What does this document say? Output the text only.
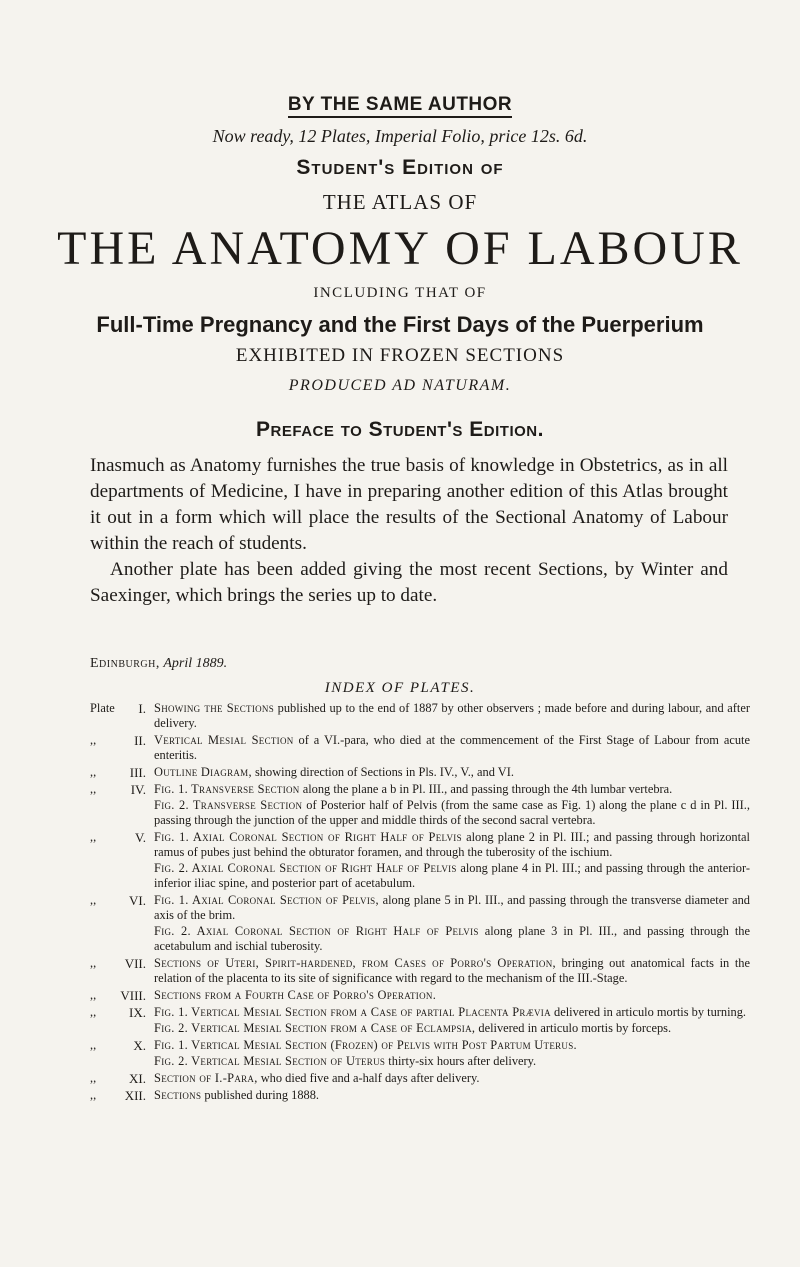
BY THE SAME AUTHOR
Now ready, 12 Plates, Imperial Folio, price 12s. 6d.
Student's Edition of
THE ATLAS OF
THE ANATOMY OF LABOUR
INCLUDING THAT OF
Full-Time Pregnancy and the First Days of the Puerperium
EXHIBITED IN FROZEN SECTIONS
PRODUCED AD NATURAM.
Preface to Student's Edition.

Inasmuch as Anatomy furnishes the true basis of knowledge in Obstetrics, as in all departments of Medicine, I have in preparing another edition of this Atlas brought it out in a form which will place the results of the Sectional Anatomy of Labour within the reach of students.

Another plate has been added giving the most recent Sections, by Winter and Saexinger, which brings the series up to date.

Edinburgh, April 1889.
INDEX OF PLATES.
Plate	I. Showing the Sections published up to the end of 1887 by other observers ; made before and during labour, and after delivery.
,,	II. Vertical Mesial Section of a VI.-para, who died at the commencement of the First Stage of Labour from acute enteritis.
,,	III. Outline Diagram, showing direction of Sections in Pls. IV., V., and VI.
,,	IV. Fig. 1. Transverse Section along the plane a b in Pl. III., and passing through the 4th lumbar vertebra.
Fig. 2. Transverse Section of Posterior half of Pelvis (from the same case as Fig. 1) along the plane c d in Pl. III., passing through the junction of the upper and middle thirds of the second sacral vertebra.
,,	V. Fig. 1. Axial Coronal Section of Right Half of Pelvis along plane 2 in Pl. III.; and passing through horizontal ramus of pubes just behind the obturator foramen, and through the tuberosity of the ischium.
Fig. 2. Axial Coronal Section of Right Half of Pelvis along plane 4 in Pl. III.; and passing through the anterior-inferior iliac spine, and posterior part of acetabulum.
,,	VI. Fig. 1. Axial Coronal Section of Pelvis, along plane 5 in Pl. III., and passing through the transverse diameter and axis of the brim.
Fig. 2. Axial Coronal Section of Right Half of Pelvis along plane 3 in Pl. III., and passing through the acetabulum and ischial tuberosity.
,,	VII. Sections of Uteri, Spirit-hardened, from Cases of Porro's Operation, bringing out anatomical facts in the relation of the placenta to its site of significance with regard to the mechanism of the III.-Stage.
,,	VIII. Sections from a Fourth Case of Porro's Operation.
,,	IX. Fig. 1. Vertical Mesial Section from a Case of partial Placenta Prævia delivered in articulo mortis by turning.
Fig. 2. Vertical Mesial Section from a Case of Eclampsia, delivered in articulo mortis by forceps.
,,	X. Fig. 1. Vertical Mesial Section (Frozen) of Pelvis with Post Partum Uterus.
Fig. 2. Vertical Mesial Section of Uterus thirty-six hours after delivery.
,,	XI. Section of I.-Para, who died five and a-half days after delivery.
,,	XII. Sections published during 1888.
